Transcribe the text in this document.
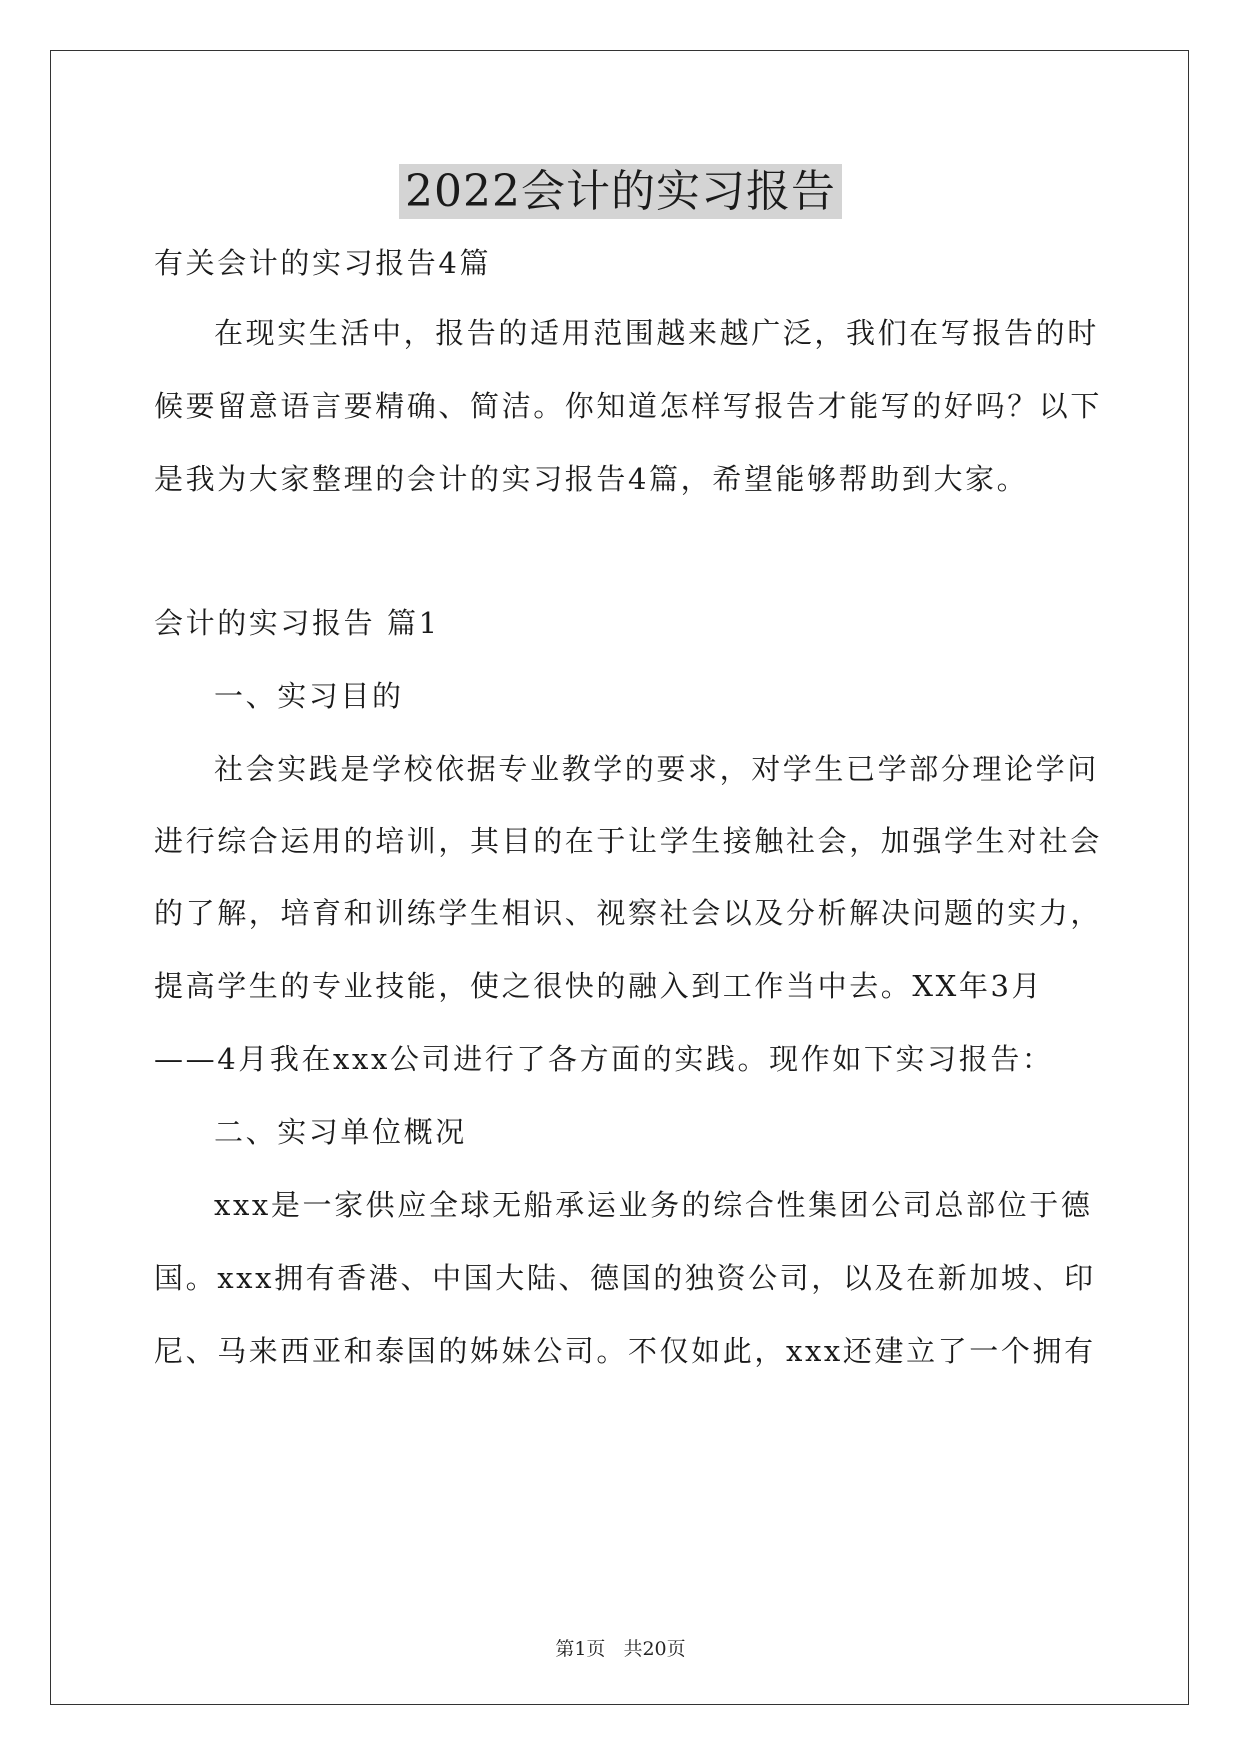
2022会计的实习报告
有关会计的实习报告4篇
在现实生活中，报告的适用范围越来越广泛，我们在写报告的时
候要留意语言要精确、简洁。你知道怎样写报告才能写的好吗？以下
是我为大家整理的会计的实习报告4篇，希望能够帮助到大家。
会计的实习报告 篇1
一、实习目的
社会实践是学校依据专业教学的要求，对学生已学部分理论学问
进行综合运用的培训，其目的在于让学生接触社会，加强学生对社会
的了解，培育和训练学生相识、视察社会以及分析解决问题的实力，
提高学生的专业技能，使之很快的融入到工作当中去。XX年3月
——4月我在xxx公司进行了各方面的实践。现作如下实习报告：
二、实习单位概况
xxx是一家供应全球无船承运业务的综合性集团公司总部位于德
国。xxx拥有香港、中国大陆、德国的独资公司，以及在新加坡、印
尼、马来西亚和泰国的姊妹公司。不仅如此，xxx还建立了一个拥有
第1页 共20页
